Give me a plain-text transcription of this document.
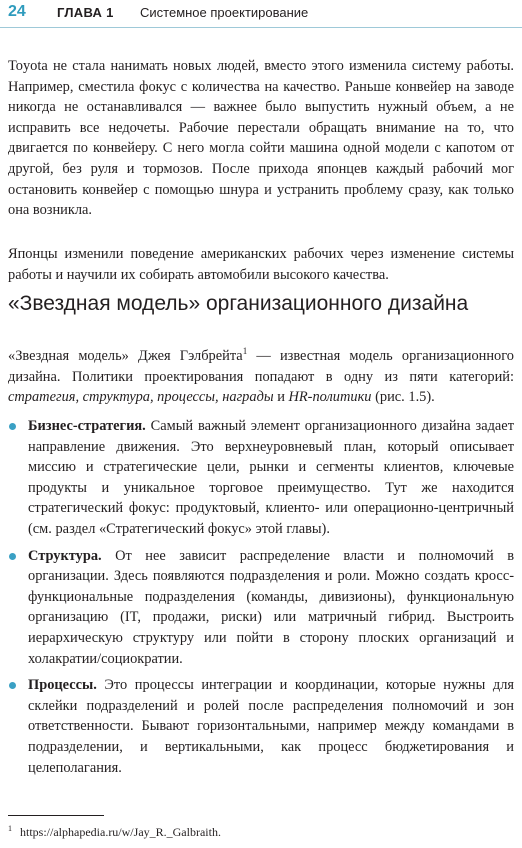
24 ГЛАВА 1 Системное проектирование

Toyota не стала нанимать новых людей, вместо этого изменила систему работы. Например, сместила фокус с количества на качество. Раньше конвейер на заводе никогда не останавливался — важнее было выпустить нужный объем, а не исправить все недочеты. Рабочие перестали обращать внимание на то, что двигается по конвейеру. С него могла сойти машина одной модели с капотом от другой, без руля и тормозов. После прихода японцев каждый рабочий мог остановить конвейер с помощью шнура и устранить проблему сразу, как только она возникла.

Японцы изменили поведение американских рабочих через изменение системы работы и научили их собирать автомобили высокого качества.

«Звездная модель» организационного дизайна

«Звездная модель» Джея Гэлбрейта$^1$ — известная модель организационного дизайна. Политики проектирования попадают в одну из пяти категорий: стратегия, структура, процессы, награды и HR-политики (рис. 1.5).

Бизнес-стратегия. Самый важный элемент организационного дизайна задает направление движения. Это верхнеуровневый план, который описывает миссию и стратегические цели, рынки и сегменты клиентов, ключевые продукты и уникальное торговое преимущество. Тут же находится стратегический фокус: продуктовый, клиенто- или операционно-центричный (см. раздел «Стратегический фокус» этой главы).
Структура. От нее зависит распределение власти и полномочий в организации. Здесь появляются подразделения и роли. Можно создать кросс-функциональные подразделения (команды, дивизионы), функциональную организацию (IT, продажи, риски) или матричный гибрид. Выстроить иерархическую структуру или пойти в сторону плоских организаций и холакратии/социократии.
Процессы. Это процессы интеграции и координации, которые нужны для склейки подразделений и ролей после распределения полномочий и зон ответственности. Бывают горизонтальными, например между командами в подразделении, и вертикальными, как процесс бюджетирования и целеполагания.
$^1$ https://alphapedia.ru/w/Jay_R._Galbraith.
